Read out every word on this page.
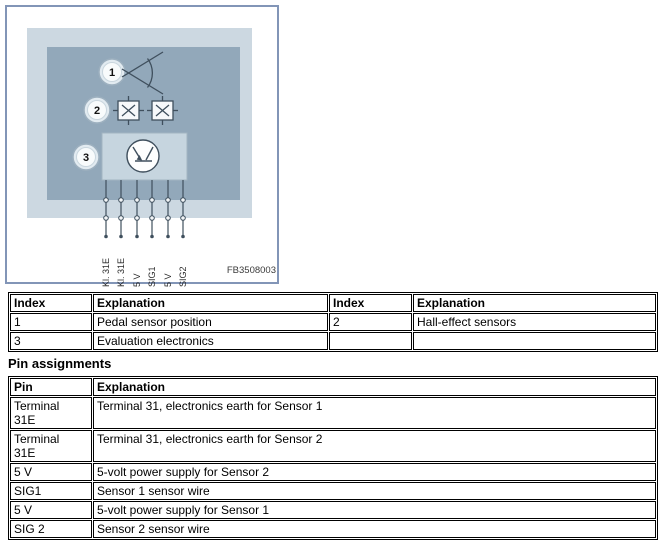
1
2
3
Kl. 31E Kl. 31E 5 V SIG1 5 V SIG2	FB3508003
Index	Explanation	Index	Explanation
1	Pedal sensor position	2	Hall-effect sensors
3	Evaluation electronics		
Pin assignments
Pin	Explanation
Terminal 31E	Terminal 31, electronics earth for Sensor 1
Terminal 31E	Terminal 31, electronics earth for Sensor 2
5 V	5-volt power supply for Sensor 2
SIG1	Sensor 1 sensor wire
5 V	5-volt power supply for Sensor 1
SIG 2	Sensor 2 sensor wire
